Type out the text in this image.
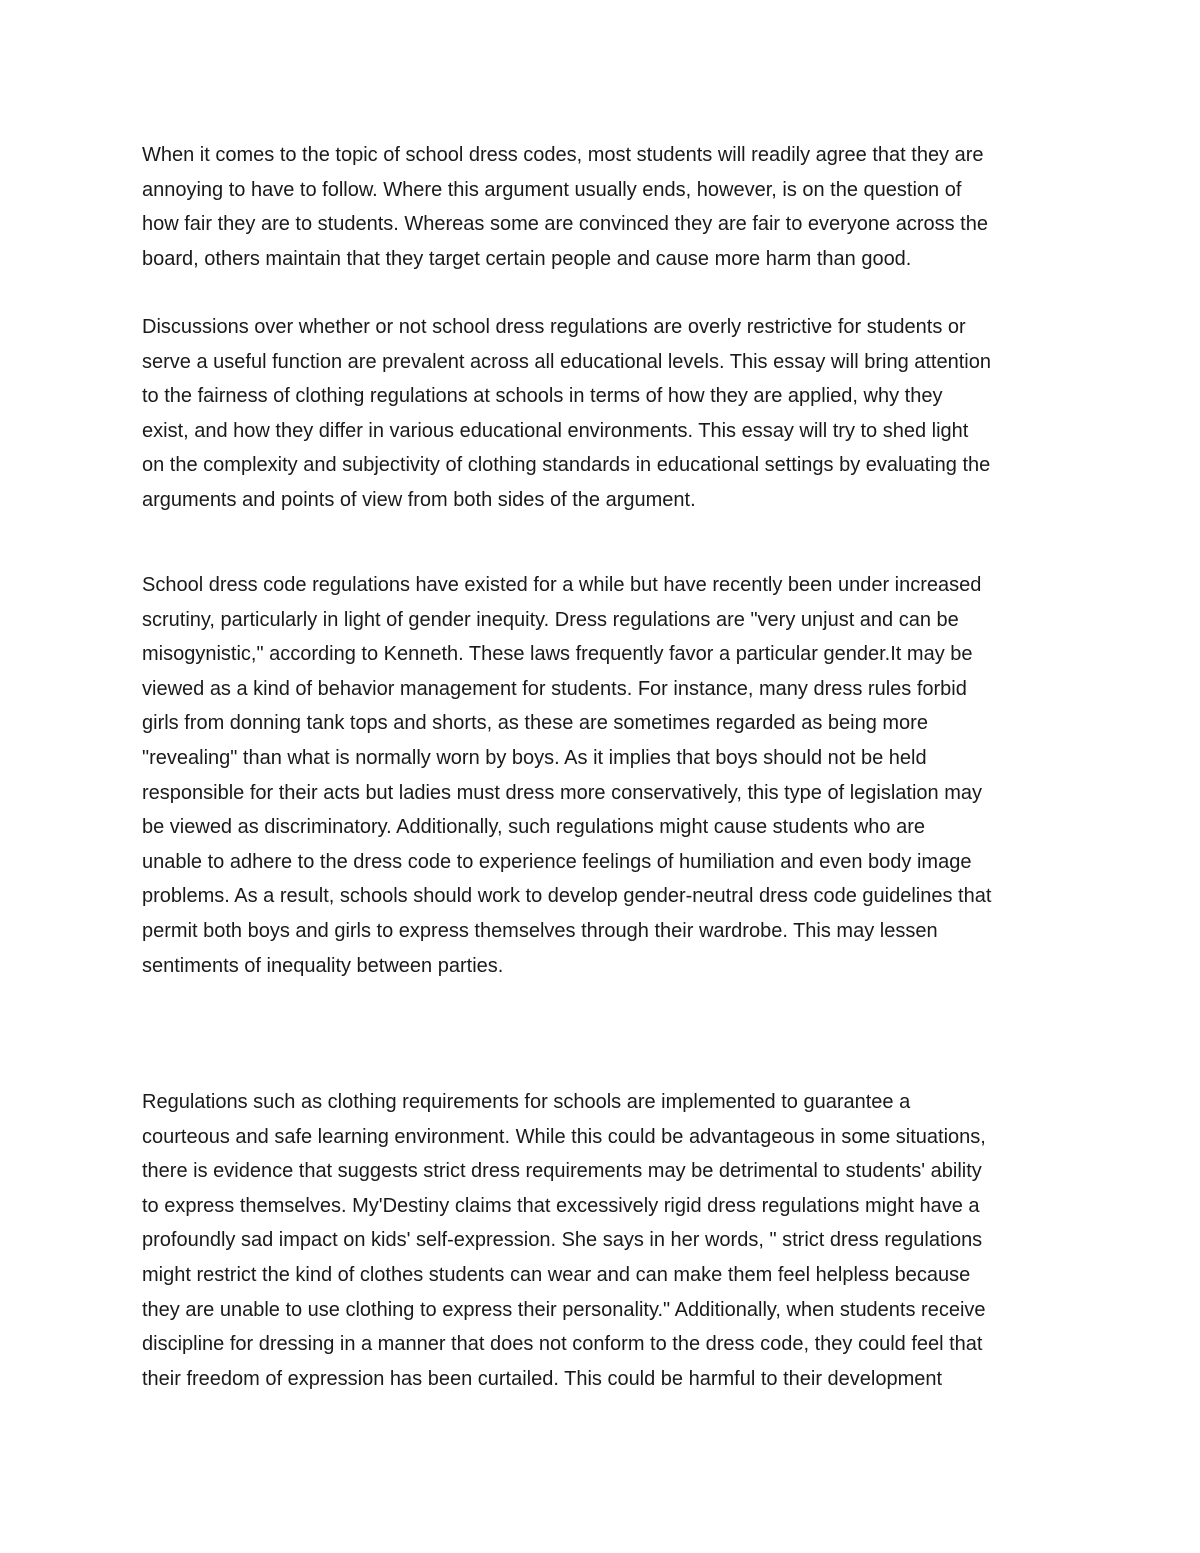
When it comes to the topic of school dress codes, most students will readily agree that they are
annoying to have to follow. Where this argument usually ends, however, is on the question of
how fair they are to students. Whereas some are convinced they are fair to everyone across the
board, others maintain that they target certain people and cause more harm than good.

Discussions over whether or not school dress regulations are overly restrictive for students or
serve a useful function are prevalent across all educational levels. This essay will bring attention
to the fairness of clothing regulations at schools in terms of how they are applied, why they
exist, and how they differ in various educational environments. This essay will try to shed light
on the complexity and subjectivity of clothing standards in educational settings by evaluating the
arguments and points of view from both sides of the argument.

School dress code regulations have existed for a while but have recently been under increased
scrutiny, particularly in light of gender inequity. Dress regulations are "very unjust and can be
misogynistic," according to Kenneth. These laws frequently favor a particular gender.It may be
viewed as a kind of behavior management for students. For instance, many dress rules forbid
girls from donning tank tops and shorts, as these are sometimes regarded as being more
"revealing" than what is normally worn by boys. As it implies that boys should not be held
responsible for their acts but ladies must dress more conservatively, this type of legislation may
be viewed as discriminatory. Additionally, such regulations might cause students who are
unable to adhere to the dress code to experience feelings of humiliation and even body image
problems. As a result, schools should work to develop gender-neutral dress code guidelines that
permit both boys and girls to express themselves through their wardrobe. This may lessen
sentiments of inequality between parties.

Regulations such as clothing requirements for schools are implemented to guarantee a
courteous and safe learning environment. While this could be advantageous in some situations,
there is evidence that suggests strict dress requirements may be detrimental to students' ability
to express themselves. My'Destiny claims that excessively rigid dress regulations might have a
profoundly sad impact on kids' self-expression. She says in her words, " strict dress regulations
might restrict the kind of clothes students can wear and can make them feel helpless because
they are unable to use clothing to express their personality." Additionally, when students receive
discipline for dressing in a manner that does not conform to the dress code, they could feel that
their freedom of expression has been curtailed. This could be harmful to their development
